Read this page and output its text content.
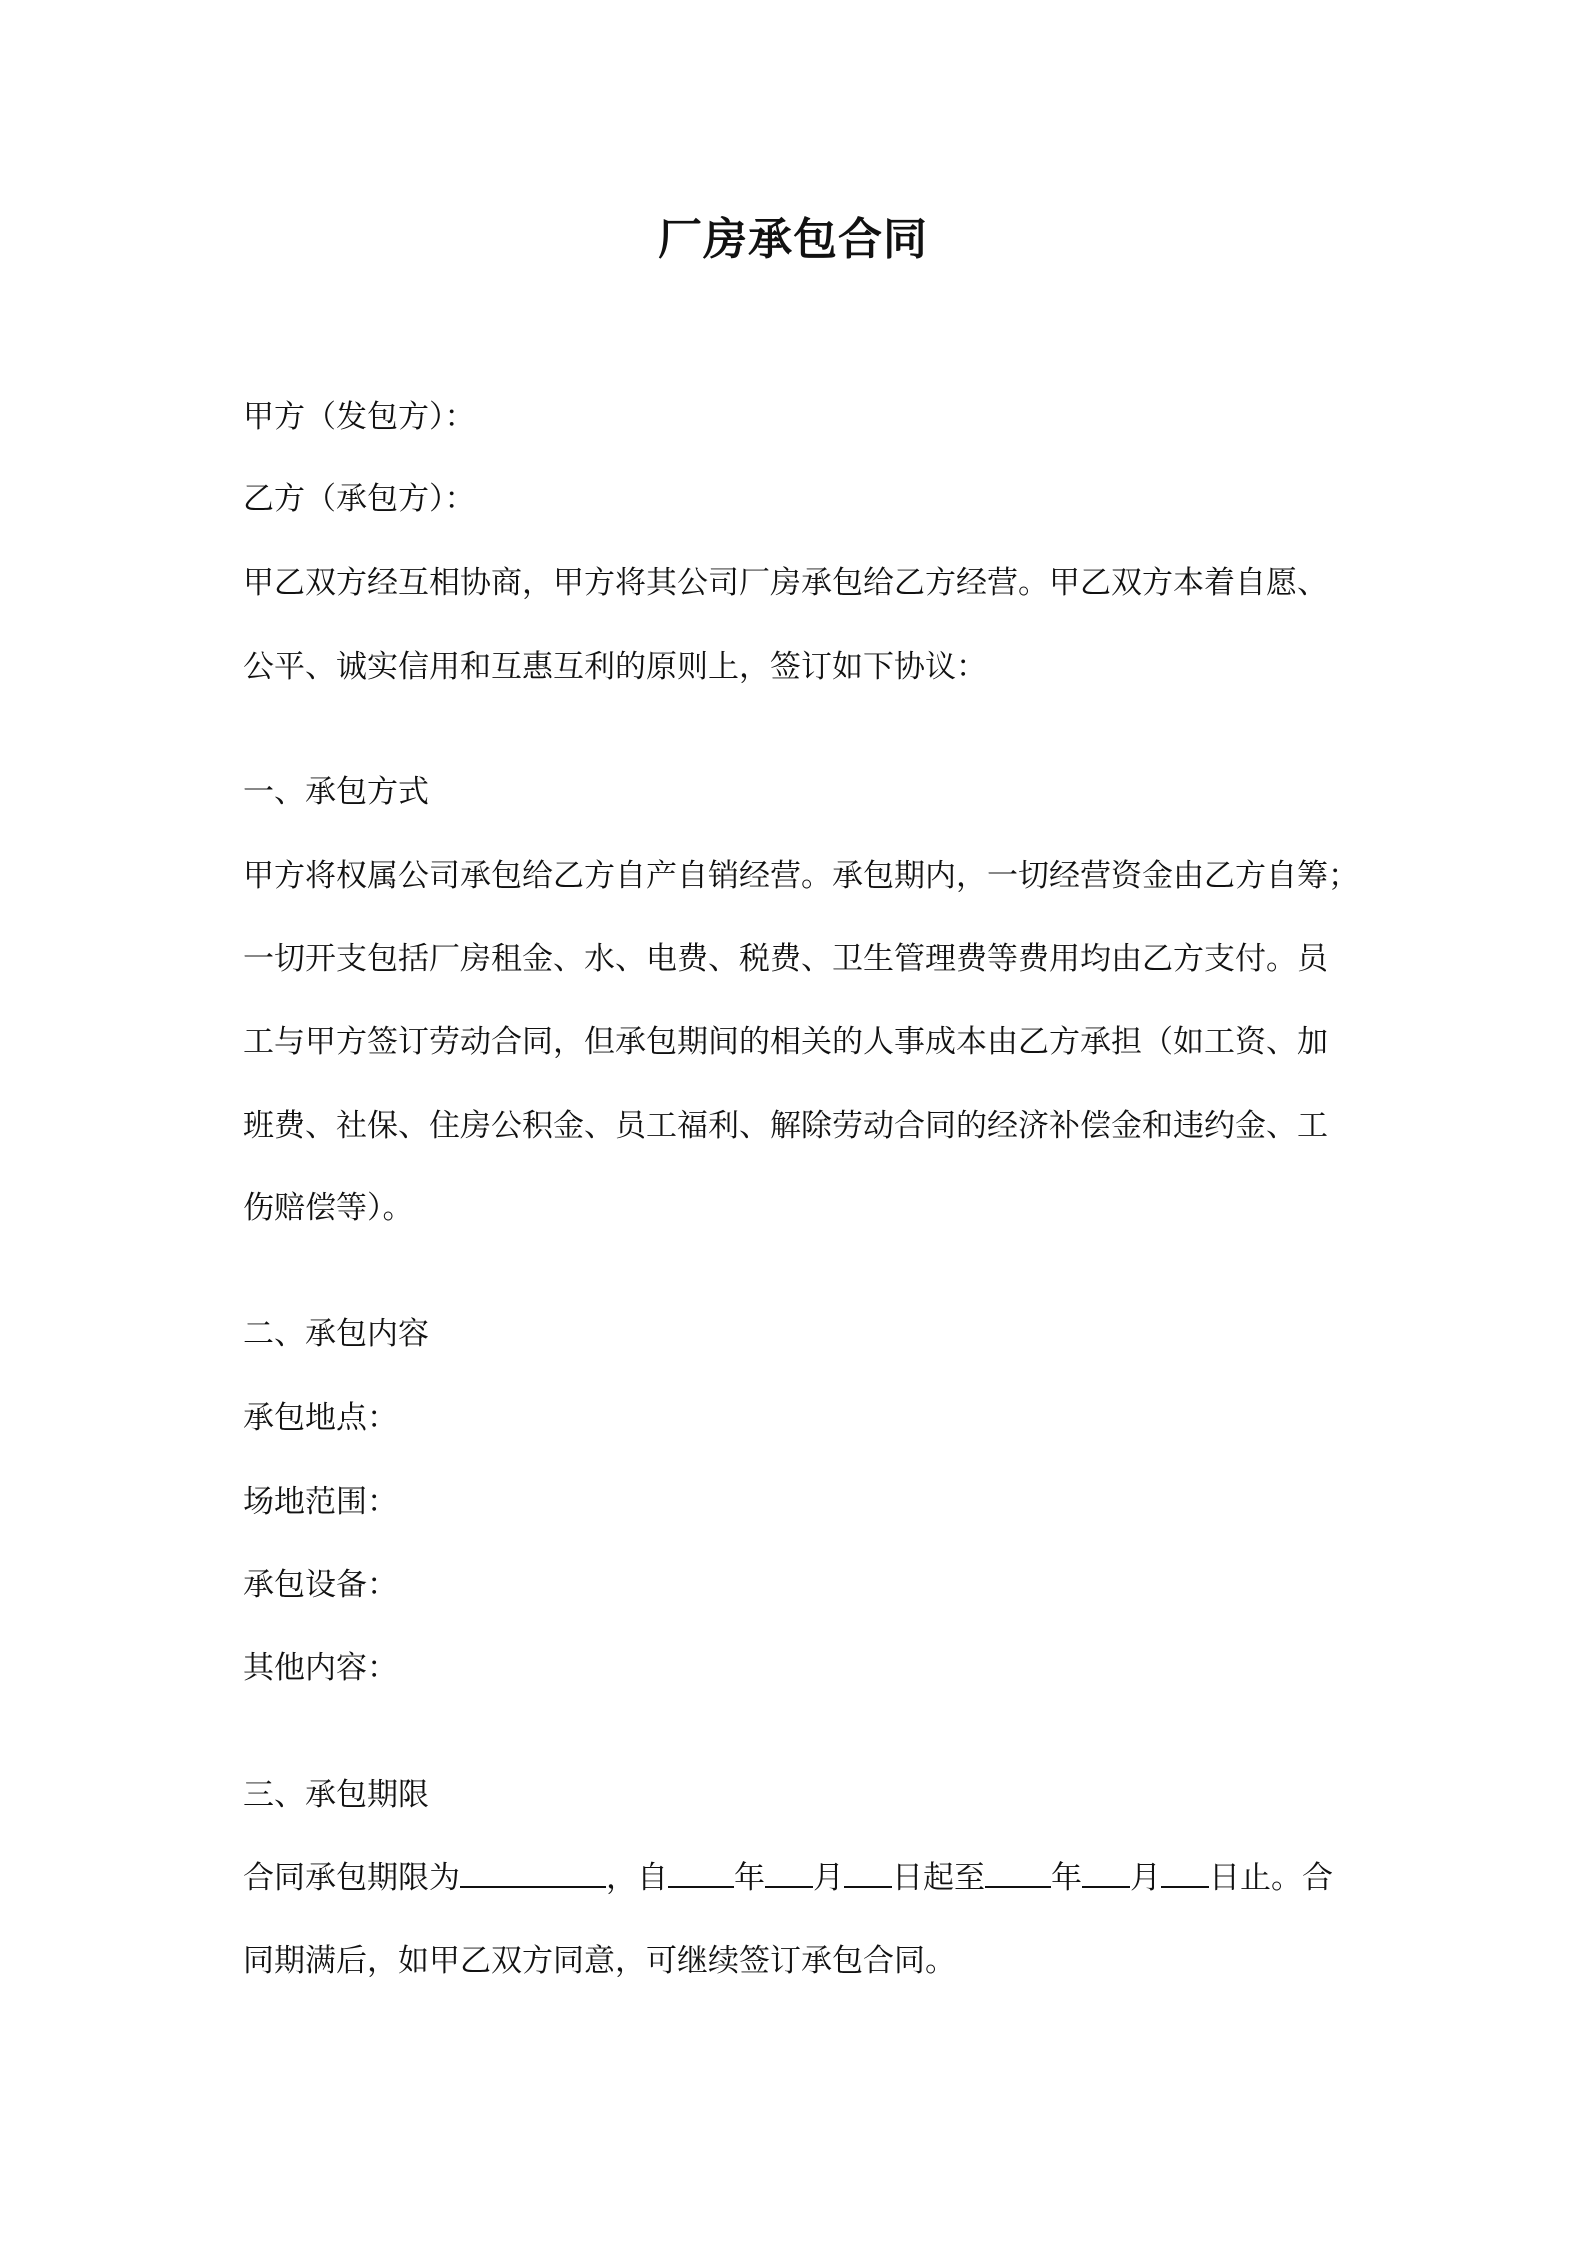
厂房承包合同
甲方（发包方）：
乙方（承包方）：
甲乙双方经互相协商，甲方将其公司厂房承包给乙方经营。甲乙双方本着自愿、
公平、诚实信用和互惠互利的原则上，签订如下协议：
一、承包方式
甲方将权属公司承包给乙方自产自销经营。承包期内，一切经营资金由乙方自筹；
一切开支包括厂房租金、水、电费、税费、卫生管理费等费用均由乙方支付。员
工与甲方签订劳动合同，但承包期间的相关的人事成本由乙方承担（如工资、加
班费、社保、住房公积金、员工福利、解除劳动合同的经济补偿金和违约金、工
伤赔偿等）。
二、承包内容
承包地点：
场地范围：
承包设备：
其他内容：
三、承包期限
合同承包期限为	，自 年 月 日起至 年 月 日止。合
同期满后，如甲乙双方同意，可继续签订承包合同。
